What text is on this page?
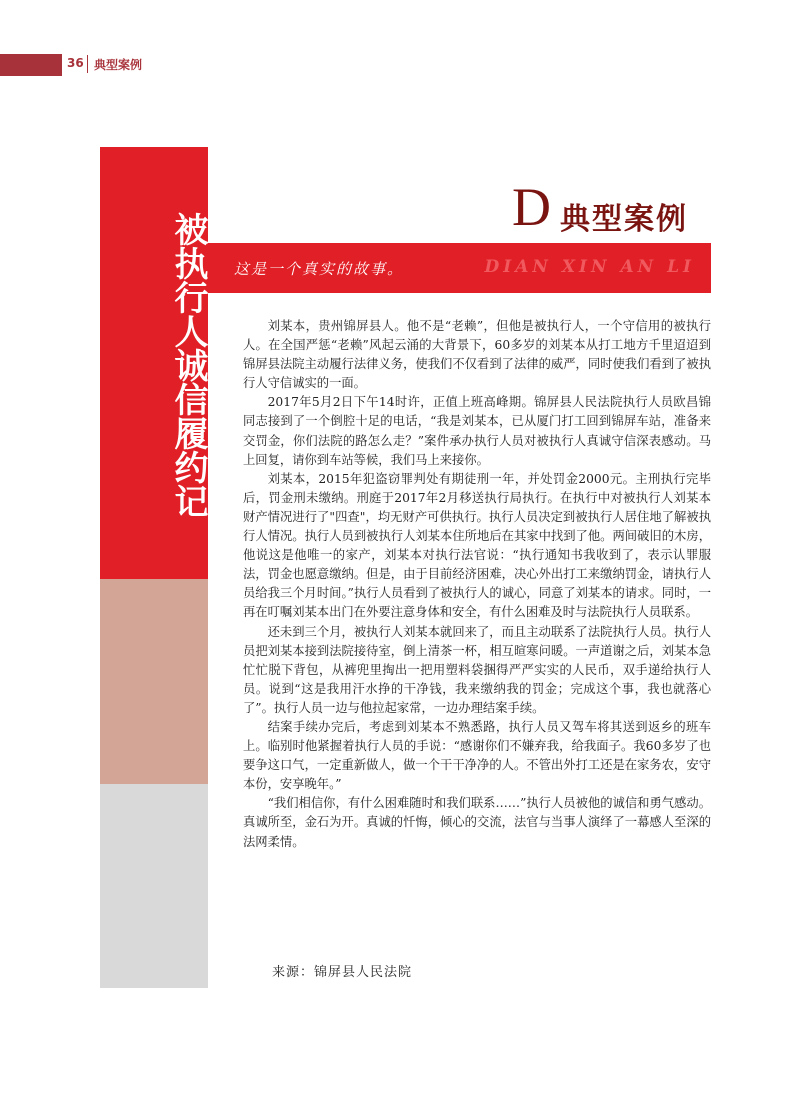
36 典型案例
被执行人诚信履约记
D 典型案例
这是一个真实的故事。	DIAN XIN AN LI

刘某本，贵州锦屏县人。他不是“老赖”，但他是被执行人，一个守信用的被执行人。在全国严惩“老赖”风起云涌的大背景下，60多岁的刘某本从打工地方千里迢迢到锦屏县法院主动履行法律义务，使我们不仅看到了法律的威严，同时使我们看到了被执行人守信诚实的一面。

2017年5月2日下午14时许，正值上班高峰期。锦屏县人民法院执行人员欧昌锦同志接到了一个倒腔十足的电话，“我是刘某本，已从厦门打工回到锦屏车站，准备来交罚金，你们法院的路怎么走？”案件承办执行人员对被执行人真诚守信深表感动。马上回复，请你到车站等候，我们马上来接你。

刘某本，2015年犯盗窃罪判处有期徒刑一年，并处罚金2000元。主刑执行完毕后，罚金刑未缴纳。刑庭于2017年2月移送执行局执行。在执行中对被执行人刘某本财产情况进行了"四查"，均无财产可供执行。执行人员决定到被执行人居住地了解被执行人情况。执行人员到被执行人刘某本住所地后在其家中找到了他。两间破旧的木房，他说这是他唯一的家产，刘某本对执行法官说：“执行通知书我收到了，表示认罪服法，罚金也愿意缴纳。但是，由于目前经济困难，决心外出打工来缴纳罚金，请执行人员给我三个月时间。”执行人员看到了被执行人的诚心，同意了刘某本的请求。同时，一再在叮嘱刘某本出门在外要注意身体和安全，有什么困难及时与法院执行人员联系。

还未到三个月，被执行人刘某本就回来了，而且主动联系了法院执行人员。执行人员把刘某本接到法院接待室，倒上清茶一杯，相互暄寒问暖。一声道谢之后，刘某本急忙忙脱下背包，从裤兜里掏出一把用塑料袋捆得严严实实的人民币，双手递给执行人员。说到“这是我用汗水挣的干净钱，我来缴纳我的罚金；完成这个事，我也就落心了”。执行人员一边与他拉起家常，一边办理结案手续。

结案手续办完后，考虑到刘某本不熟悉路，执行人员又驾车将其送到返乡的班车上。临别时他紧握着执行人员的手说：“感谢你们不嫌弃我，给我面子。我60多岁了也要争这口气，一定重新做人，做一个干干净净的人。不管出外打工还是在家务农，安守本份，安享晚年。”

“我们相信你，有什么困难随时和我们联系……”执行人员被他的诚信和勇气感动。真诚所至，金石为开。真诚的忏悔，倾心的交流，法官与当事人演绎了一幕感人至深的法网柔情。

来源：锦屏县人民法院
